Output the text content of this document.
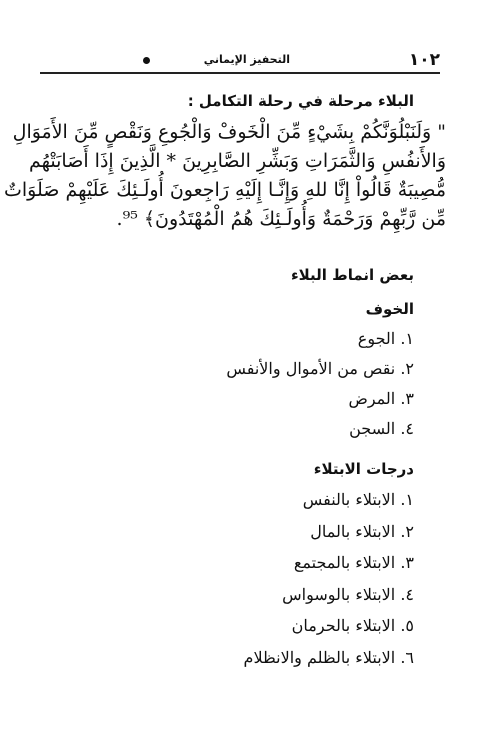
١٠٢
التحفيز الإيماني
البلاء مرحلة في رحلة التكامل :
" وَلَنَبْلُوَنَّكُمْ بِشَيْءٍ مِّنَ الْخَوفْ وَالْجُوعِ وَنَقْصٍ مِّنَ الأَمَوَالِ
وَالأَنفُسِ وَالثَّمَرَاتِ وَبَشِّرِ الصَّابِرِينَ * الَّذِينَ إِذَا أَصَابَتْهُم
مُّصِيبَةٌ قَالُواْ إِنَّا للهِ وَإِنَّـا إِلَيْهِ رَاجِعونَ أُولَـئِكَ عَلَيْهِمْ صَلَوَاتٌ
مِّن رَّبِّهِمْ وَرَحْمَةٌ وَأُولَـئِكَ هُمُ الْمُهْتَدُونَ﴾ ⁹⁵.
بعض انماط البلاء
الخوف
١. الجوع
٢. نقص من الأموال والأنفس
٣. المرض
٤. السجن
درجات الابتلاء
١. الابتلاء بالنفس
٢. الابتلاء بالمال
٣. الابتلاء بالمجتمع
٤. الابتلاء بالوسواس
٥. الابتلاء بالحرمان
٦. الابتلاء بالظلم والانظلام
